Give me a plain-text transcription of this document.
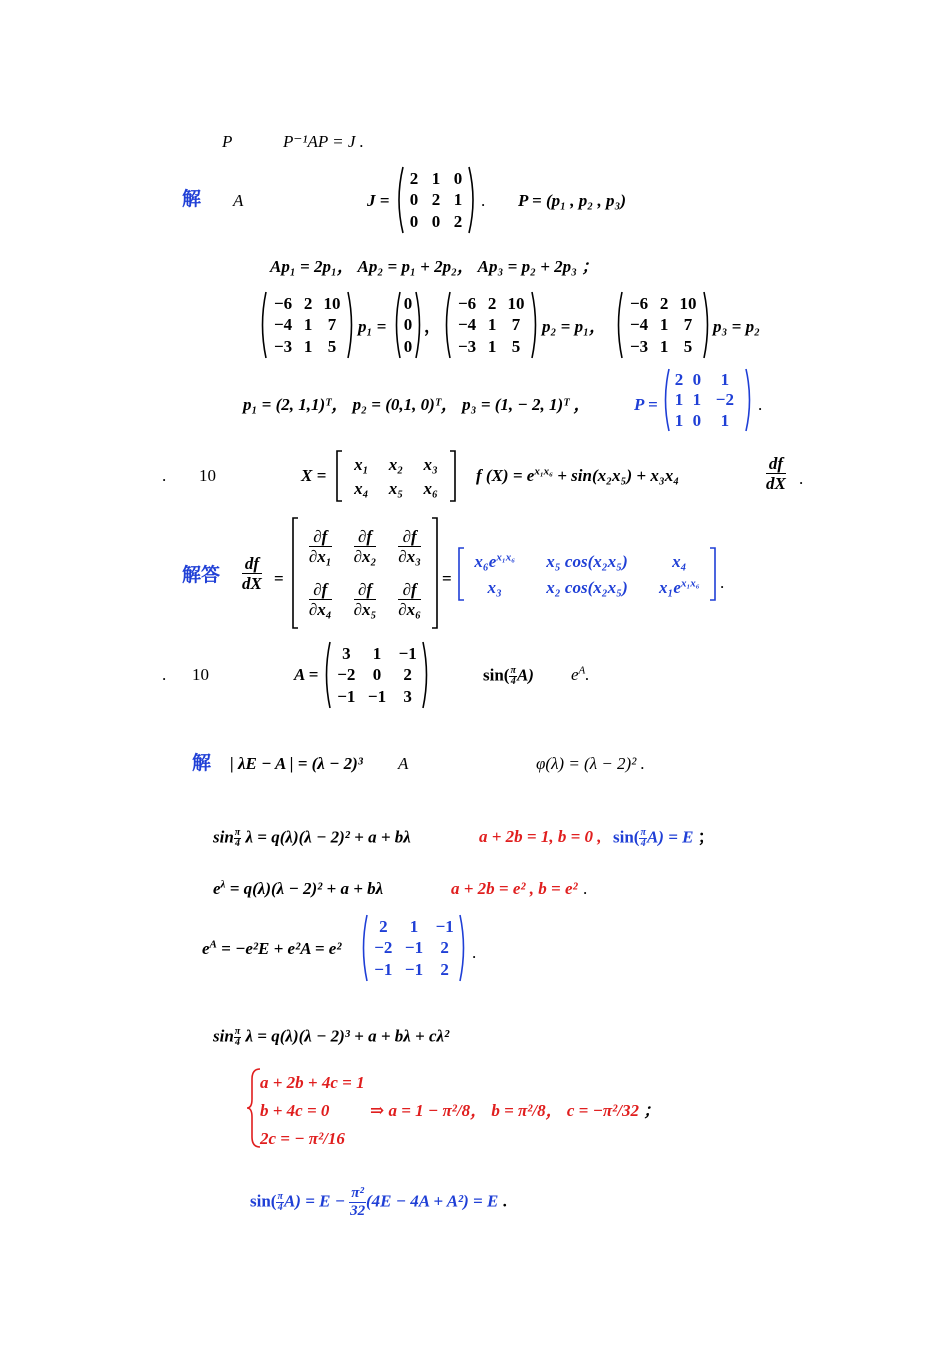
P	P⁻¹AP = J .
解 A	J =
2	1	0
0	2	1
0	0	2
. P = (p₁ , p₂ , p₃)
Ap₁ = 2p₁， Ap₂ = p₁ + 2p₂， Ap₃ = p₂ + 2p₃ ；
−6	2	10
−4	1	7
−3	1	5
p₁ =
0
0
0
，
−6	2	10
−4	1	7
−3	1	5
p₂ = p₁，
−6	2	10
−4	1	7
−3	1	5
p₃ = p₂
p₁ = (2, 1,1)ᵀ， p₂ = (0,1, 0)ᵀ， p₃ = (1, − 2, 1)ᵀ ，	P =
2	0	1
1	1	−2
1	0	1
.
. 10	X =
x₁	x₂	x₃
x₄	x₅	x₆
f $(X) = e^{x_1x_6} + \sin(x_2x_5) + x_3x_4$	$\frac{df}{dX}$ .
解答 $\frac{df}{dX}$ =
$\frac{\partial f}{\text{∂x₁}}$	$\frac{\partial f}{\text{∂x₂}}$	$\frac{\partial f}{\text{∂x₃}}$

$\frac{\partial f}{\text{∂x₄}}$	$\frac{\partial f}{\text{∂x₅}}$	$\frac{\partial f}{\text{∂x₆}}$
=
$x_6e^{x_1x_6}$	x₅ cos(x₂x₅)	x₄
x₃	x₂ cos(x₂x₅)	$x_1e^{x_1x_6}$ .
. 10	A =
3	1	−1
−2	0	2
−1	−1	3
$\sin( \frac{\pi}{4} A)$ $e^A$.
解 | λE − A | = (λ − 2)³ A	φ(λ) = (λ − 2)² .
$\sin \frac{\pi}{4}$ λ = q(λ)(λ − 2)² + a + bλ	a + 2b = 1, b = 0 , $\sin( \frac{\pi}{4} A) = E$ ；
$e^\lambda = q(\lambda)(\lambda - 2)^2 + a + b\lambda$	a + 2b = e² , b = e² .
$e^A = -e^2E + e^2A = e^2$
2	1	−1
−2	−1	2
−1	−1	2
.
$\sin \frac{\pi}{4}$ λ = q(λ)(λ − 2)³ + a + bλ + cλ²
a + 2b + 4c = 1
b + 4c = 0
2c = − π²/16
⇒ a = 1 − π²/8， b = π²/8， c = −π²/32 ；
$\sin( \frac{\pi}{4} A) = E - \frac{\text{π²}}{32} (4E - 4A + A^2) = E$ .
